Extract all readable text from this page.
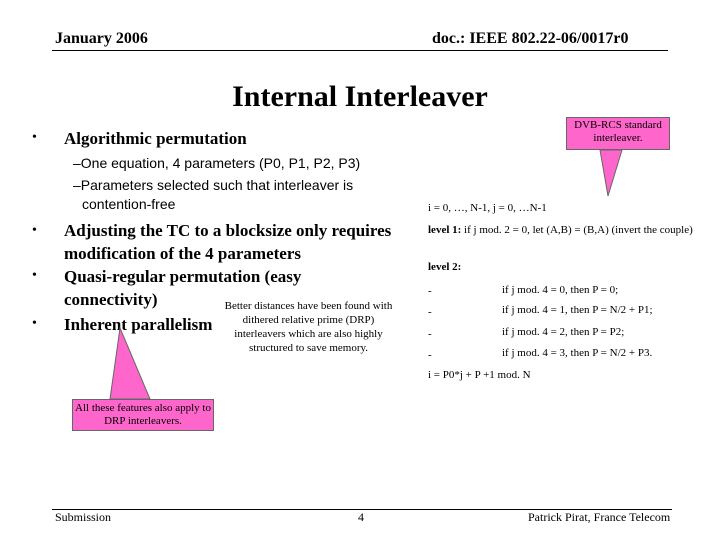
January 2006	doc.: IEEE 802.22-06/0017r0
Internal Interleaver
• Algorithmic permutation
–One equation, 4 parameters (P0, P1, P2, P3)
–Parameters selected such that interleaver is contention-free
• Adjusting the TC to a blocksize only requires modification of the 4 parameters
• Quasi-regular permutation (easy connectivity)
• Inherent parallelism
DVB-RCS standard interleaver.
Better distances have been found with dithered relative prime (DRP) interleavers which are also highly structured to save memory.
All these features also apply to DRP interleavers.
i = 0, …, N-1, j = 0, …N-1
level 1: if j mod. 2 = 0, let (A,B) = (B,A) (invert the couple)
level 2:
-	if j mod. 4 = 0, then P = 0;
-	if j mod. 4 = 1, then P = N/2 + P1;
-	if j mod. 4 = 2, then P = P2;
-	if j mod. 4 = 3, then P = N/2 + P3.
i = P0*j + P +1 mod. N
Submission	4	Patrick Pirat, France Telecom
